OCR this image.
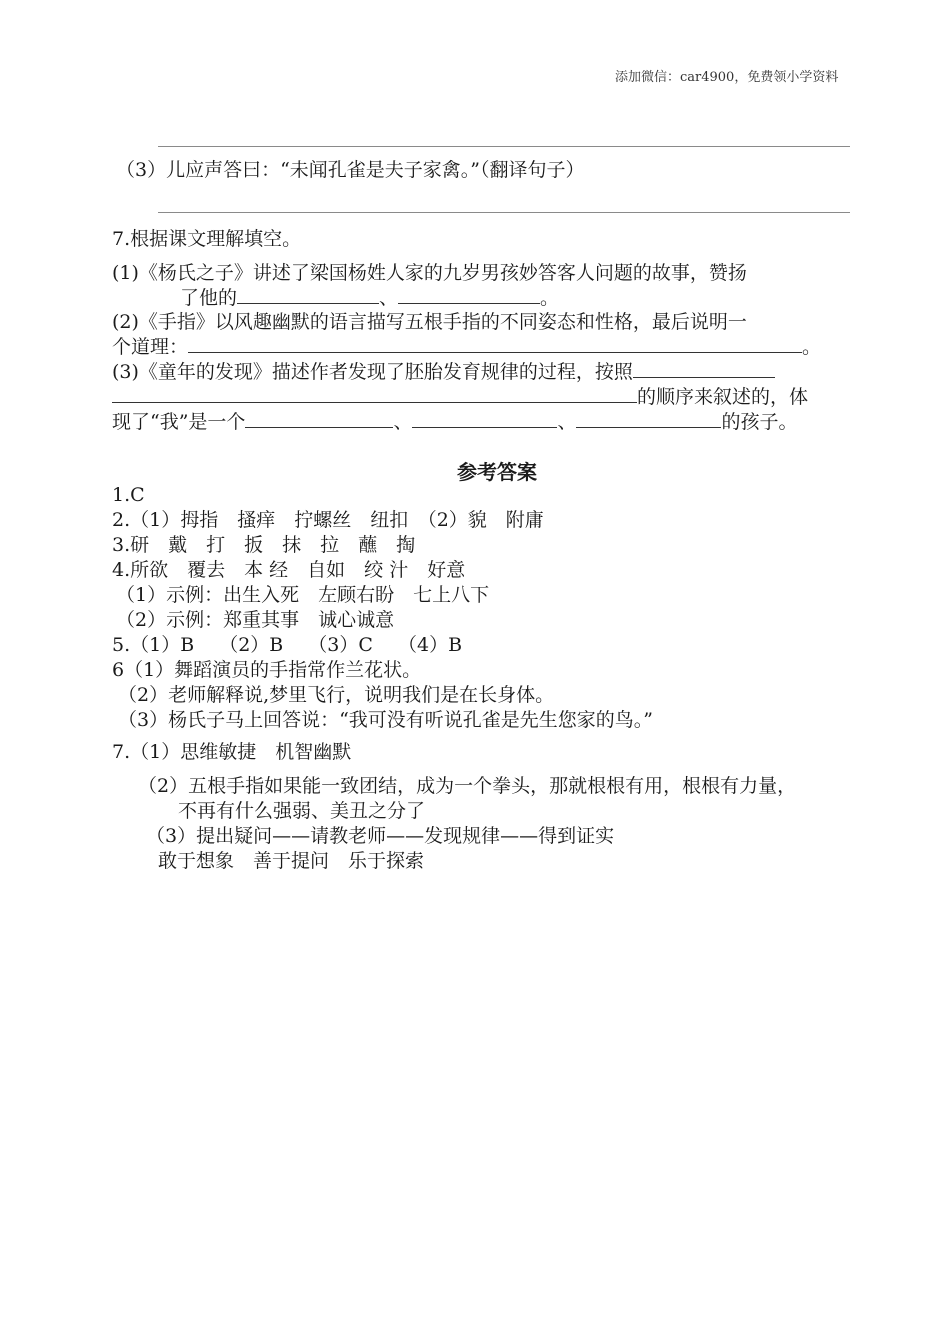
添加微信：car4900，免费领小学资料
（3）儿应声答曰：“未闻孔雀是夫子家禽。”（翻译句子）
7.根据课文理解填空。
(1)《杨氏之子》讲述了梁国杨姓人家的九岁男孩妙答客人问题的故事，赞扬
了他的	、	。
(2)《手指》以风趣幽默的语言描写五根手指的不同姿态和性格，最后说明一
个道理：	。
(3)《童年的发现》描述作者发现了胚胎发育规律的过程，按照
的顺序来叙述的，体
现了“我”是一个	、	、	的孩子。
参考答案
1.C
2.（1）拇指　搔痒　拧螺丝　纽扣　（2）貌　附庸
3.研　戴　打　扳　抹　拉　蘸　掏
4.所欲　覆去　本 经　自如　绞 汁　好意
（1）示例：出生入死　左顾右盼　七上八下
（2）示例：郑重其事　诚心诚意
5.（1）B　 （2）B　 （3）C　 （4）B
6（1）舞蹈演员的手指常作兰花状。
（2）老师解释说,梦里飞行，说明我们是在长身体。
（3）杨氏子马上回答说：“我可没有听说孔雀是先生您家的鸟。”
7.（1）思维敏捷　机智幽默
（2）五根手指如果能一致团结，成为一个拳头，那就根根有用，根根有力量，
不再有什么强弱、美丑之分了
（3）提出疑问——请教老师——发现规律——得到证实
敢于想象　善于提问　乐于探索
